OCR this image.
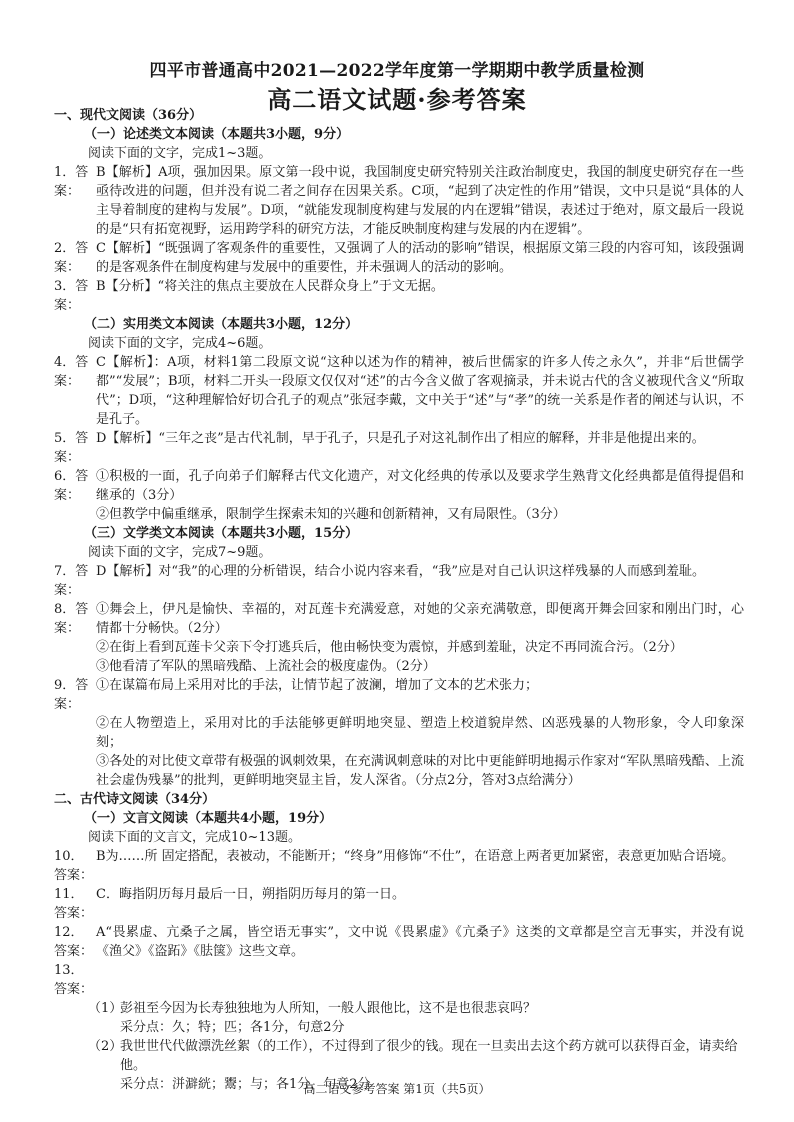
四平市普通高中2021—2022学年度第一学期期中教学质量检测
高二语文试题·参考答案
一、现代文阅读（36分）
（一）论述类文本阅读（本题共3小题，9分）
阅读下面的文字，完成1~3题。
1．答案：
B【解析】A项，强加因果。原文第一段中说，我国制度史研究特别关注政治制度史，我国的制度史研究存在一些亟待改进的问题，但并没有说二者之间存在因果关系。C项，“起到了决定性的作用”错误，文中只是说“具体的人主导着制度的建构与发展”。D项，“就能发现制度构建与发展的内在逻辑”错误，表述过于绝对，原文最后一段说的是“只有拓宽视野，运用跨学科的研究方法，才能反映制度构建与发展的内在逻辑”。
2．答案：
C【解析】“既强调了客观条件的重要性，又强调了人的活动的影响”错误，根据原文第三段的内容可知，该段强调的是客观条件在制度构建与发展中的重要性，并未强调人的活动的影响。
3．答案：
B【分析】“将关注的焦点主要放在人民群众身上”于文无据。
（二）实用类文本阅读（本题共3小题，12分）
阅读下面的文字，完成4~6题。
4．答案：
C【解析】：A项，材料1第二段原文说“这种以述为作的精神，被后世儒家的许多人传之永久”，并非“后世儒学都”“发展”；B项，材料二开头一段原文仅仅对“述”的古今含义做了客观摘录，并未说古代的含义被现代含义“所取代”；D项，“这种理解恰好切合孔子的观点”张冠李戴，文中关于“述”与“孝”的统一关系是作者的阐述与认识，不是孔子。
5．答案：
D【解析】“三年之丧”是古代礼制，早于孔子，只是孔子对这礼制作出了相应的解释，并非是他提出来的。
6．答案：
①积极的一面，孔子向弟子们解释古代文化遗产，对文化经典的传承以及要求学生熟背文化经典都是值得提倡和继承的（3分）
②但教学中偏重继承，限制学生探索未知的兴趣和创新精神，又有局限性。（3分）
（三）文学类文本阅读（本题共3小题，15分）
阅读下面的文字，完成7~9题。
7．答案：
D【解析】对“我”的心理的分析错误，结合小说内容来看，“我”应是对自己认识这样残暴的人而感到羞耻。
8．答案：
①舞会上，伊凡是愉快、幸福的，对瓦莲卡充满爱意，对她的父亲充满敬意，即便离开舞会回家和刚出门时，心情都十分畅快。（2分）
②在街上看到瓦莲卡父亲下令打逃兵后，他由畅快变为震惊，并感到羞耻，决定不再同流合污。（2分）
③他看清了军队的黑暗残酷、上流社会的极度虚伪。（2分）
9．答案：
①在谋篇布局上采用对比的手法，让情节起了波澜，增加了文本的艺术张力；
②在人物塑造上，采用对比的手法能够更鲜明地突显、塑造上校道貌岸然、凶恶残暴的人物形象，令人印象深刻；
③各处的对比使文章带有极强的讽刺效果，在充满讽刺意味的对比中更能鲜明地揭示作家对“军队黑暗残酷、上流社会虚伪残暴”的批判，更鲜明地突显主旨，发人深省。（分点2分，答对3点给满分）
二、古代诗文阅读（34分）
（一）文言文阅读（本题共4小题，19分）
阅读下面的文言文，完成10~13题。
10．答案：
B为……所 固定搭配，表被动，不能断开；“终身”用修饰“不仕”，在语意上两者更加紧密，表意更加贴合语境。
11．答案：
C．晦指阴历每月最后一日，朔指阴历每月的第一日。
12．答案：
A“畏累虚、亢桑子之属，皆空语无事实”，文中说《畏累虚》《亢桑子》这类的文章都是空言无事实，并没有说《渔父》《盗跖》《胠箧》这些文章。
13．答案：
（1）
彭祖至今因为长寿独独地为人所知，一般人跟他比，这不是也很悲哀吗？
采分点：久；特；匹；各1分，句意2分
（2）
我世世代代做漂洗丝絮（的工作），不过得到了很少的钱。现在一旦卖出去这个药方就可以获得百金，请卖给他。
采分点：洴澼絖；鬻；与；各1分，句意2分
高二语文参考答案 第1页（共5页）
